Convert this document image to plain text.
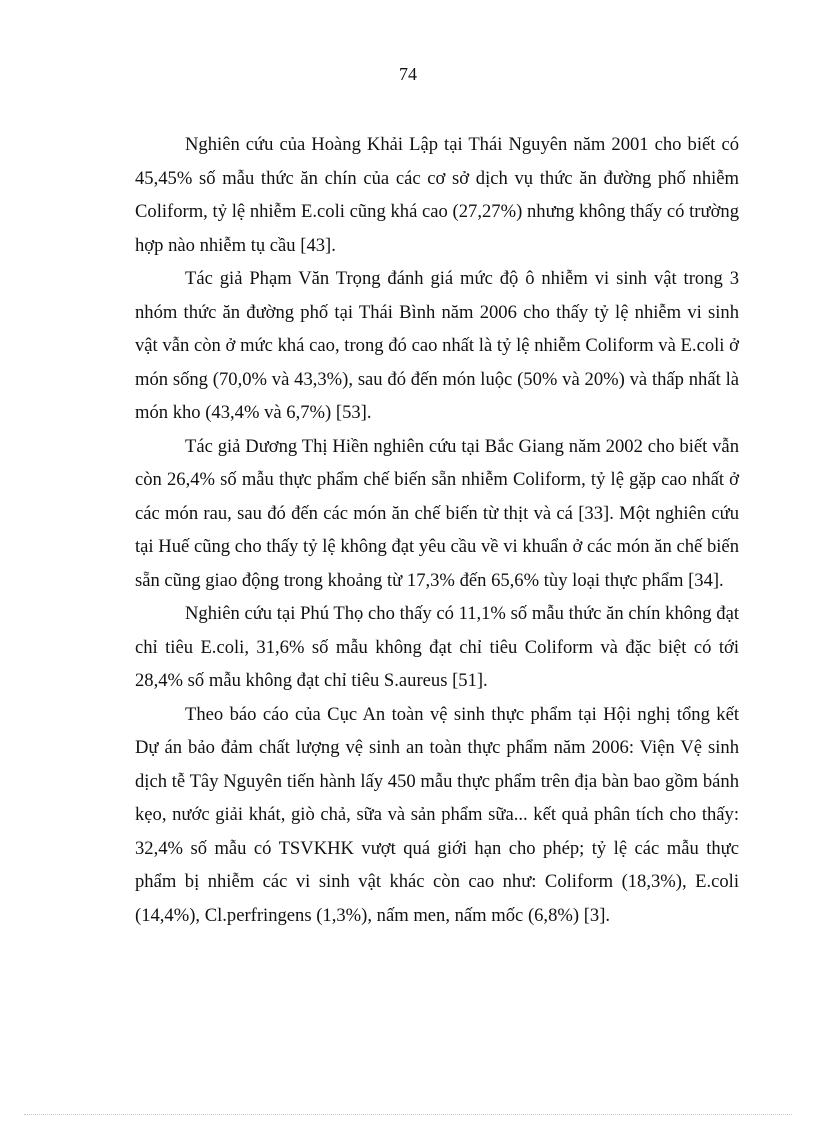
74

Nghiên cứu của Hoàng Khải Lập tại Thái Nguyên năm 2001 cho biết có 45,45% số mẫu thức ăn chín của các cơ sở dịch vụ thức ăn đường phố nhiễm Coliform, tỷ lệ nhiễm E.coli cũng khá cao (27,27%) nhưng không thấy có trường hợp nào nhiễm tụ cầu [43].

Tác giả Phạm Văn Trọng đánh giá mức độ ô nhiễm vi sinh vật trong 3 nhóm thức ăn đường phố tại Thái Bình năm 2006 cho thấy tỷ lệ nhiễm vi sinh vật vẫn còn ở mức khá cao, trong đó cao nhất là tỷ lệ nhiễm Coliform và E.coli ở món sống (70,0% và 43,3%), sau đó đến món luộc (50% và 20%) và thấp nhất là món kho (43,4% và 6,7%) [53].

Tác giả Dương Thị Hiền nghiên cứu tại Bắc Giang năm 2002 cho biết vẫn còn 26,4% số mẫu thực phẩm chế biến sẵn nhiễm Coliform, tỷ lệ gặp cao nhất ở các món rau, sau đó đến các món ăn chế biến từ thịt và cá [33]. Một nghiên cứu tại Huế cũng cho thấy tỷ lệ không đạt yêu cầu về vi khuẩn ở các món ăn chế biến sẵn cũng giao động trong khoảng từ 17,3% đến 65,6% tùy loại thực phẩm [34].

Nghiên cứu tại Phú Thọ cho thấy có 11,1% số mẫu thức ăn chín không đạt chỉ tiêu E.coli, 31,6% số mẫu không đạt chỉ tiêu Coliform và đặc biệt có tới 28,4% số mẫu không đạt chỉ tiêu S.aureus [51].

Theo báo cáo của Cục An toàn vệ sinh thực phẩm tại Hội nghị tổng kết Dự án bảo đảm chất lượng vệ sinh an toàn thực phẩm năm 2006: Viện Vệ sinh dịch tễ Tây Nguyên tiến hành lấy 450 mẫu thực phẩm trên địa bàn bao gồm bánh kẹo, nước giải khát, giò chả, sữa và sản phẩm sữa... kết quả phân tích cho thấy: 32,4% số mẫu có TSVKHK vượt quá giới hạn cho phép; tỷ lệ các mẫu thực phẩm bị nhiễm các vi sinh vật khác còn cao như: Coliform (18,3%), E.coli (14,4%), Cl.perfringens (1,3%), nấm men, nấm mốc (6,8%) [3].
